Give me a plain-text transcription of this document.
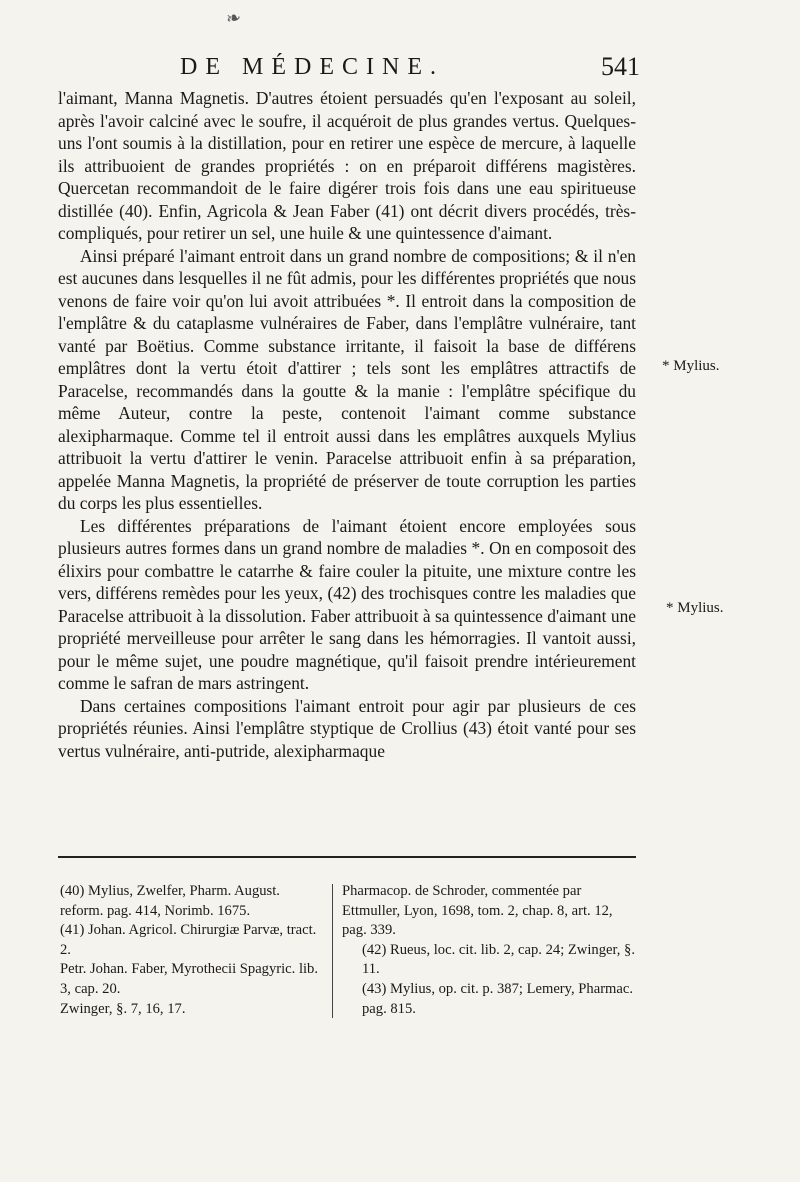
❧
DE MÉDECINE.	541

l'aimant, Manna Magnetis. D'autres étoient persuadés qu'en l'exposant au soleil, après l'avoir calciné avec le soufre, il acquéroit de plus grandes vertus. Quelques-uns l'ont soumis à la distillation, pour en retirer une espèce de mercure, à laquelle ils attribuoient de grandes propriétés : on en préparoit différens magistères. Quercetan recommandoit de le faire digérer trois fois dans une eau spiritueuse distillée (40). Enfin, Agricola & Jean Faber (41) ont décrit divers procédés, très-compliqués, pour retirer un sel, une huile & une quintessence d'aimant.

Ainsi préparé l'aimant entroit dans un grand nombre de compositions; & il n'en est aucunes dans lesquelles il ne fût admis, pour les différentes propriétés que nous venons de faire voir qu'on lui avoit attribuées *. Il entroit dans la composition de l'emplâtre & du cataplasme vulnéraires de Faber, dans l'emplâtre vulnéraire, tant vanté par Boëtius. Comme substance irritante, il faisoit la base de différens emplâtres dont la vertu étoit d'attirer ; tels sont les emplâtres attractifs de Paracelse, recommandés dans la goutte & la manie : l'emplâtre spécifique du même Auteur, contre la peste, contenoit l'aimant comme substance alexipharmaque. Comme tel il entroit aussi dans les emplâtres auxquels Mylius attribuoit la vertu d'attirer le venin. Paracelse attribuoit enfin à sa préparation, appelée Manna Magnetis, la propriété de préserver de toute corruption les parties du corps les plus essentielles.

Les différentes préparations de l'aimant étoient encore employées sous plusieurs autres formes dans un grand nombre de maladies *. On en composoit des élixirs pour combattre le catarrhe & faire couler la pituite, une mixture contre les vers, différens remèdes pour les yeux, (42) des trochisques contre les maladies que Paracelse attribuoit à la dissolution. Faber attribuoit à sa quintessence d'aimant une propriété merveilleuse pour arrêter le sang dans les hémorragies. Il vantoit aussi, pour le même sujet, une poudre magnétique, qu'il faisoit prendre intérieurement comme le safran de mars astringent.

Dans certaines compositions l'aimant entroit pour agir par plusieurs de ces propriétés réunies. Ainsi l'emplâtre styptique de Crollius (43) étoit vanté pour ses vertus vulnéraire, anti-putride, alexipharmaque

* Mylius.
* Mylius.
(40) Mylius, Zwelfer, Pharm. August. reform. pag. 414, Norimb. 1675.
(41) Johan. Agricol. Chirurgiæ Parvæ, tract. 2.
Petr. Johan. Faber, Myrothecii Spagyric. lib. 3, cap. 20.
Zwinger, §. 7, 16, 17.
Pharmacop. de Schroder, commentée par Ettmuller, Lyon, 1698, tom. 2, chap. 8, art. 12, pag. 339.
(42) Rueus, loc. cit. lib. 2, cap. 24; Zwinger, §. 11.
(43) Mylius, op. cit. p. 387; Lemery, Pharmac. pag. 815.
